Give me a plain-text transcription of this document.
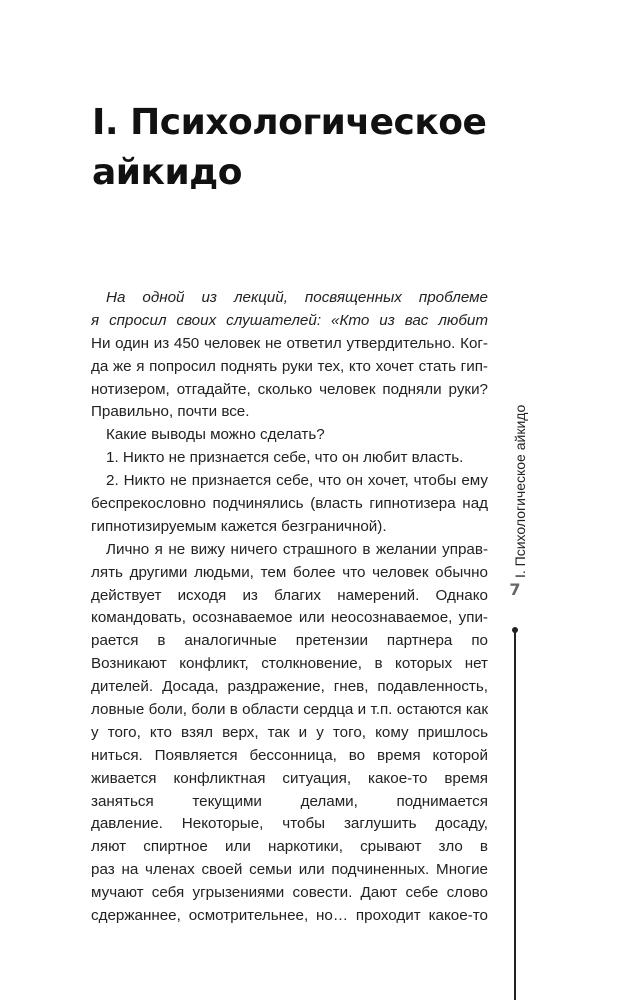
I. Психологическое
айкидо
На одной из лекций, посвященных проблеме
я спросил своих слушателей: «Кто из вас любит
Ни один из 450 человек не ответил утвердительно. Ког-
да же я попросил поднять руки тех, кто хочет стать гип-
нотизером, отгадайте, сколько человек подняли руки?
Правильно, почти все.
Какие выводы можно сделать?
1. Никто не признается себе, что он любит власть.
2. Никто не признается себе, что он хочет, чтобы ему
беспрекословно подчинялись (власть гипнотизера над
гипнотизируемым кажется безграничной).
Лично я не вижу ничего страшного в желании управ-
лять другими людьми, тем более что человек обычно
действует исходя из благих намерений. Однако
командовать, осознаваемое или неосознаваемое, упи-
рается в аналогичные претензии партнера по
Возникают конфликт, столкновение, в которых нет
дителей. Досада, раздражение, гнев, подавленность,
ловные боли, боли в области сердца и т.п. остаются как
у того, кто взял верх, так и у того, кому пришлось
ниться. Появляется бессонница, во время которой
живается конфликтная ситуация, какое-то время
заняться текущими делами, поднимается
давление. Некоторые, чтобы заглушить досаду,
ляют спиртное или наркотики, срывают зло в
раз на членах своей семьи или подчиненных. Многие
мучают себя угрызениями совести. Дают себе слово
сдержаннее, осмотрительнее, но… проходит какое-то
I. Психологическое айкидо
7
